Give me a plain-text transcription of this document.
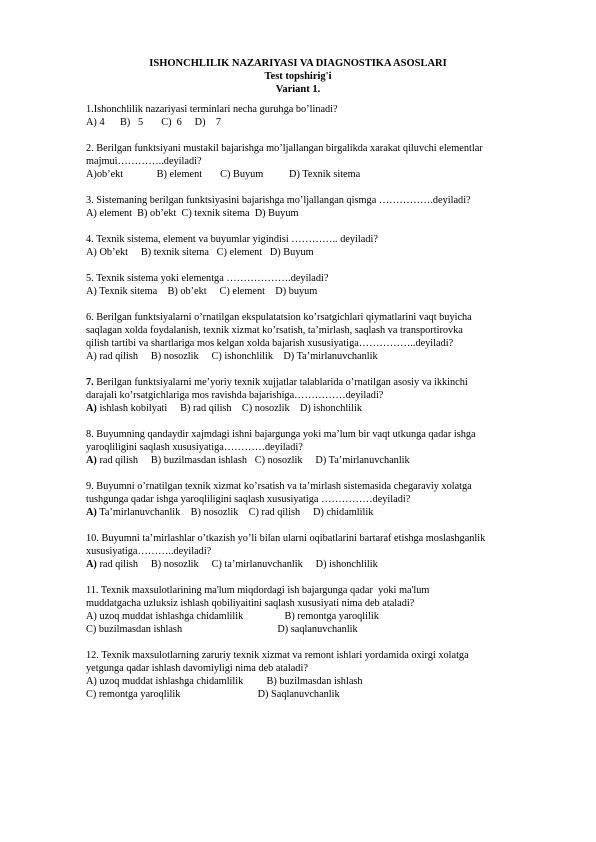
ISHONCHLILIK NAZARIYASI VA DIAGNOSTIKA ASOSLARI
Test topshirig'i
Variant 1.
1.Ishonchlilik nazariyasi terminlari necha guruhga bo’linadi?
A) 4      B)   5       C)  6     D)    7
2. Berilgan funktsiyani mustakil bajarishga mo’ljallangan birgalikda xarakat qiluvchi elementlar
majmui…………..deyiladi?
A)ob’ekt             B) element       C) Buyum          D) Texnik sitema
3. Sistemaning berilgan funktsiyasini bajarishga mo’ljallangan qismga …………….deyiladi?
A) element  B) ob’ekt  C) texnik sitema  D) Buyum
4. Texnik sistema, element va buyumlar yigindisi ………….. deyiladi?
A) Ob’ekt     B) texnik sitema   C) element   D) Buyum
5. Texnik sistema yoki elementga ……………….deyiladi?
A) Texnik sitema    B) ob’ekt     C) element    D) buyum
6. Berilgan funktsiyalarni o’rnatilgan ekspulatatsion ko’rsatgichlari qiymatlarini vaqt buyicha
saqlagan xolda foydalanish, texnik xizmat ko’rsatish, ta’mirlash, saqlash va transportirovka
qilish tartibi va shartlariga mos kelgan xolda bajarish xususiyatiga……………..deyiladi?
A) rad qilish     B) nosozlik     C) ishonchlilik    D) Ta’mirlanuvchanlik
7. Berilgan funktsiyalarni me’yoriy texnik xujjatlar talablarida o’rnatilgan asosiy va ikkinchi
darajali ko’rsatgichlariga mos ravishda bajarishiga……………deyiladi?
A) ishlash kobilyati     B) rad qilish    C) nosozlik    D) ishonchlilik
8. Buyumning qandaydir xajmdagi ishni bajargunga yoki ma’lum bir vaqt utkunga qadar ishga
yaroqliligini saqlash xususiyatiga…………deyiladi?
A) rad qilish     B) buzilmasdan ishlash   C) nosozlik     D) Ta’mirlanuvchanlik
9. Buyumni o’rnatilgan texnik xizmat ko’rsatish va ta’mirlash sistemasida chegaraviy xolatga
tushgunga qadar ishga yaroqliligini saqlash xususiyatiga ……………deyiladi?
A) Ta’mirlanuvchanlik    B) nosozlik    C) rad qilish     D) chidamlilik
10. Buyumni ta’mirlashlar o’tkazish yo’li bilan ularni oqibatlarini bartaraf etishga moslashganlik
xususiyatiga………..deyiladi?
A) rad qilish     B) nosozlik     C) ta’mirlanuvchanlik     D) ishonchlilik
11. Texnik maxsulotlarining ma'lum miqdordagi ish bajargunga qadar  yoki ma'lum
muddatgacha uzluksiz ishlash qobiliyaitini saqlash xususiyati nima deb ataladi?
A) uzoq muddat ishlashga chidamlilik                B) remontga yaroqlilik
C) buzilmasdan ishlash                                     D) saqlanuvchanlik
12. Texnik maxsulotlarning zaruriy texnik xizmat va remont ishlari yordamida oxirgi xolatga
yetgunga qadar ishlash davomiyligi nima deb ataladi?
A) uzoq muddat ishlashga chidamlilik         B) buzilmasdan ishlash
C) remontga yaroqlilik                              D) Saqlanuvchanlik
